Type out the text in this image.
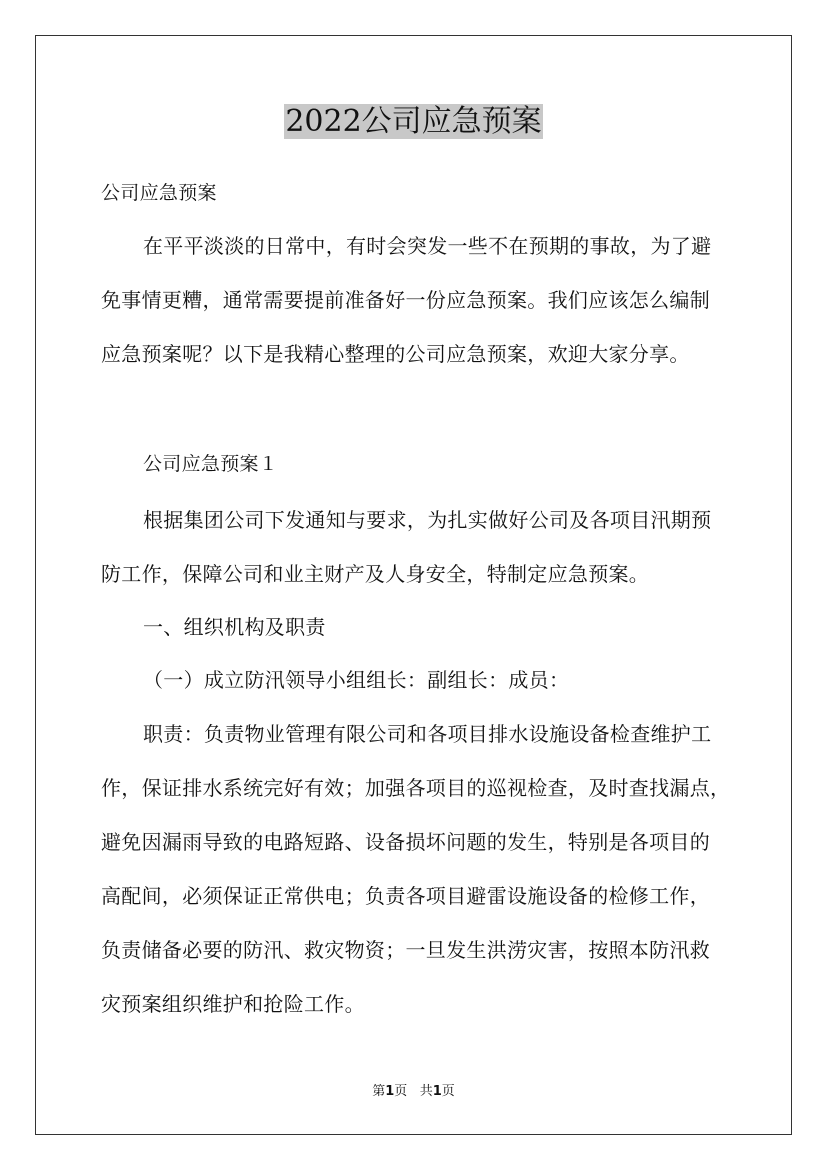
2022公司应急预案

公司应急预案

在平平淡淡的日常中，有时会突发一些不在预期的事故，为了避
免事情更糟，通常需要提前准备好一份应急预案。我们应该怎么编制
应急预案呢？以下是我精心整理的公司应急预案，欢迎大家分享。

公司应急预案１

根据集团公司下发通知与要求，为扎实做好公司及各项目汛期预
防工作，保障公司和业主财产及人身安全，特制定应急预案。

一、组织机构及职责

（一）成立防汛领导小组组长：副组长：成员：

职责：负责物业管理有限公司和各项目排水设施设备检查维护工
作，保证排水系统完好有效；加强各项目的巡视检查，及时查找漏点，
避免因漏雨导致的电路短路、设备损坏问题的发生，特别是各项目的
高配间，必须保证正常供电；负责各项目避雷设施设备的检修工作，
负责储备必要的防汛、救灾物资；一旦发生洪涝灾害，按照本防汛救
灾预案组织维护和抢险工作。
第1页 共1页
